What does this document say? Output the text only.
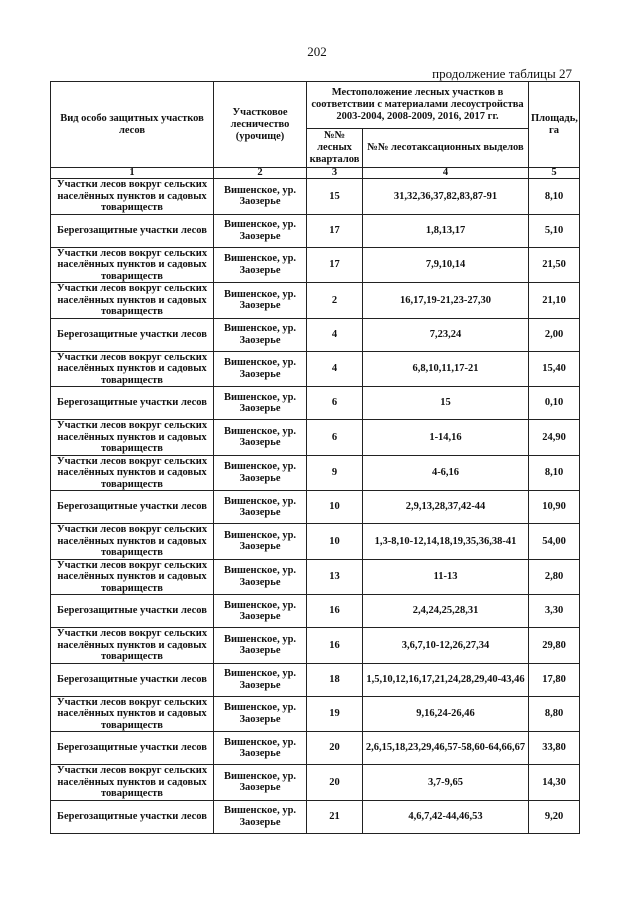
202
продолжение таблицы 27
Вид особо защитных участков лесов	Участковое лесничество (урочище)	Местоположение лесных участков в соответствии с материалами лесоустройства 2003-2004, 2008-2009, 2016, 2017 гг.		Площадь, га
		№№ лесных кварталов	№№ лесотаксационных выделов	
1	2	3	4	5
Участки лесов вокруг сельских населённых пунктов и садовых товариществ	Вишенское, ур. Заозерье	15	31,32,36,37,82,83,87-91	8,10
Берегозащитные участки лесов	Вишенское, ур. Заозерье	17	1,8,13,17	5,10
Участки лесов вокруг сельских населённых пунктов и садовых товариществ	Вишенское, ур. Заозерье	17	7,9,10,14	21,50
Участки лесов вокруг сельских населённых пунктов и садовых товариществ	Вишенское, ур. Заозерье	2	16,17,19-21,23-27,30	21,10
Берегозащитные участки лесов	Вишенское, ур. Заозерье	4	7,23,24	2,00
Участки лесов вокруг сельских населённых пунктов и садовых товариществ	Вишенское, ур. Заозерье	4	6,8,10,11,17-21	15,40
Берегозащитные участки лесов	Вишенское, ур. Заозерье	6	15	0,10
Участки лесов вокруг сельских населённых пунктов и садовых товариществ	Вишенское, ур. Заозерье	6	1-14,16	24,90
Участки лесов вокруг сельских населённых пунктов и садовых товариществ	Вишенское, ур. Заозерье	9	4-6,16	8,10
Берегозащитные участки лесов	Вишенское, ур. Заозерье	10	2,9,13,28,37,42-44	10,90
Участки лесов вокруг сельских населённых пунктов и садовых товариществ	Вишенское, ур. Заозерье	10	1,3-8,10-12,14,18,19,35,36,38-41	54,00
Участки лесов вокруг сельских населённых пунктов и садовых товариществ	Вишенское, ур. Заозерье	13	11-13	2,80
Берегозащитные участки лесов	Вишенское, ур. Заозерье	16	2,4,24,25,28,31	3,30
Участки лесов вокруг сельских населённых пунктов и садовых товариществ	Вишенское, ур. Заозерье	16	3,6,7,10-12,26,27,34	29,80
Берегозащитные участки лесов	Вишенское, ур. Заозерье	18	1,5,10,12,16,17,21,24,28,29,40-43,46	17,80
Участки лесов вокруг сельских населённых пунктов и садовых товариществ	Вишенское, ур. Заозерье	19	9,16,24-26,46	8,80
Берегозащитные участки лесов	Вишенское, ур. Заозерье	20	2,6,15,18,23,29,46,57-58,60-64,66,67	33,80
Участки лесов вокруг сельских населённых пунктов и садовых товариществ	Вишенское, ур. Заозерье	20	3,7-9,65	14,30
Берегозащитные участки лесов	Вишенское, ур. Заозерье	21	4,6,7,42-44,46,53	9,20
